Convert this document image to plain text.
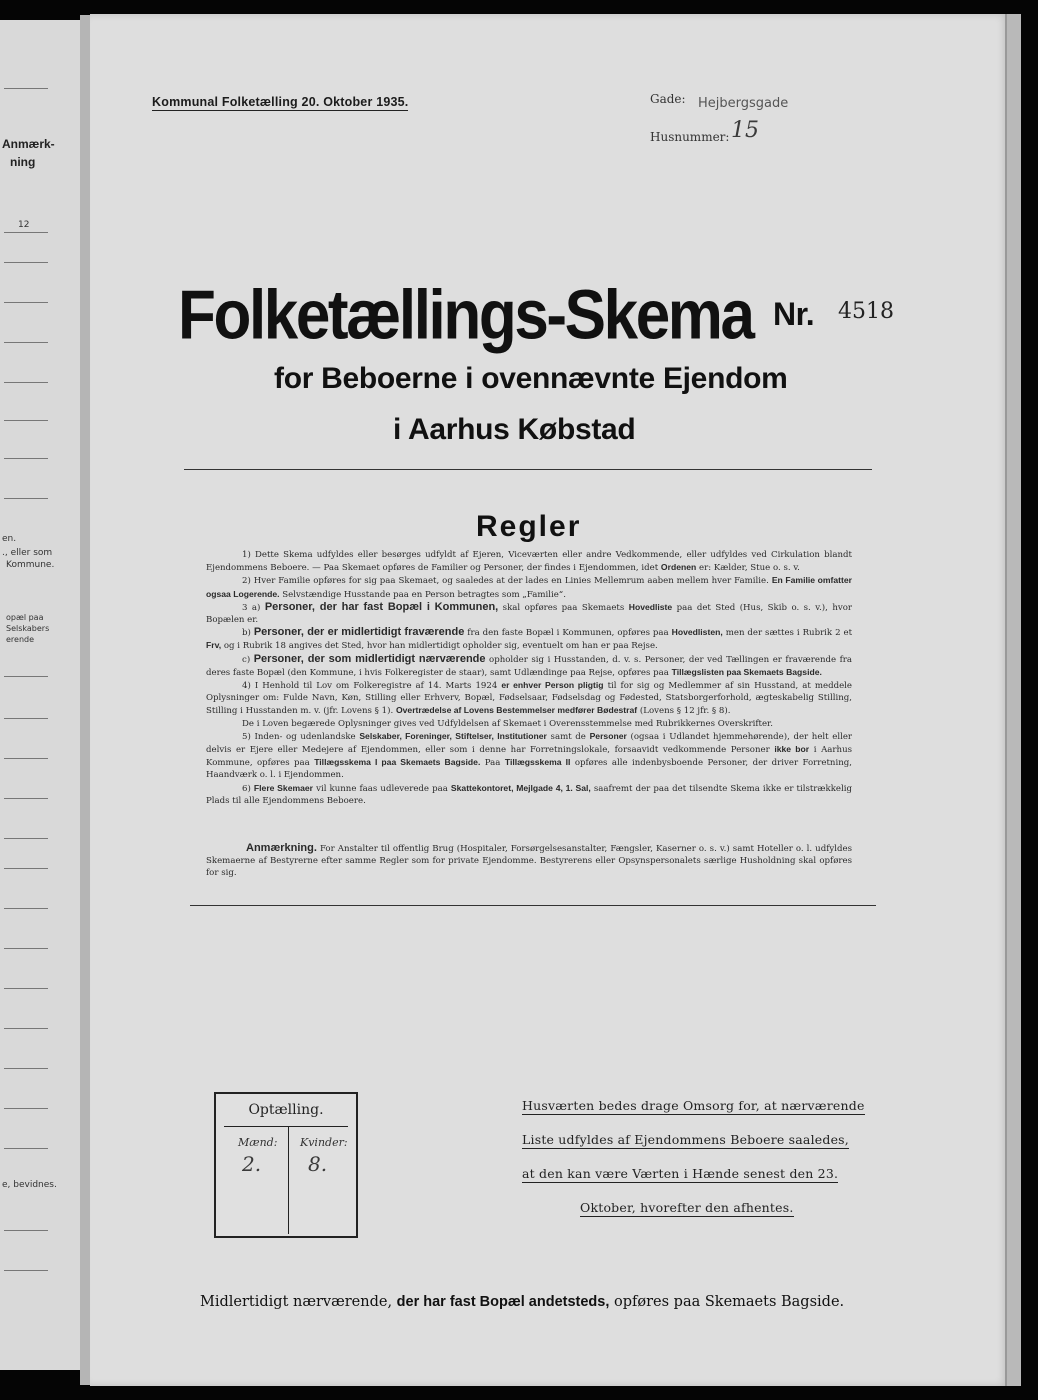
Anmærk-
ning
12
en.
., eller som
Kommune.
opæl paa
Selskabers
erende
e, bevidnes.
Kommunal Folketælling 20. Oktober 1935.	Gade: Hejbergsgade
Husnummer: 15
Folketællings-Skema Nr. 4518
for Beboerne i ovennævnte Ejendom
i Aarhus Købstad
Regler

1) Dette Skema udfyldes eller besørges udfyldt af Ejeren, Viceværten eller andre Vedkommende, eller udfyldes ved Cirkulation blandt Ejendommens Beboere. — Paa Skemaet opføres de Familier og Personer, der findes i Ejendommen, idet Ordenen er: Kælder, Stue o. s. v.

2) Hver Familie opføres for sig paa Skemaet, og saaledes at der lades en Linies Mellemrum aaben mellem hver Familie. En Familie omfatter ogsaa Logerende. Selvstændige Husstande paa en Person betragtes som „Familie“.

3 a) Personer, der har fast Bopæl i Kommunen, skal opføres paa Skemaets Hovedliste paa det Sted (Hus, Skib o. s. v.), hvor Bopælen er.

b) Personer, der er midlertidigt fraværende fra den faste Bopæl i Kommunen, opføres paa Hovedlisten, men der sættes i Rubrik 2 et Frv, og i Rubrik 18 angives det Sted, hvor han midlertidigt opholder sig, eventuelt om han er paa Rejse.

c) Personer, der som midlertidigt nærværende opholder sig i Husstanden, d. v. s. Personer, der ved Tællingen er fraværende fra deres faste Bopæl (den Kommune, i hvis Folkeregister de staar), samt Udlændinge paa Rejse, opføres paa Tillægslisten paa Skemaets Bagside.

4) I Henhold til Lov om Folkeregistre af 14. Marts 1924 er enhver Person pligtig til for sig og Medlemmer af sin Husstand, at meddele Oplysninger om: Fulde Navn, Køn, Stilling eller Erhverv, Bopæl, Fødselsaar, Fødselsdag og Fødested, Statsborgerforhold, ægteskabelig Stilling, Stilling i Husstanden m. v. (jfr. Lovens § 1). Overtrædelse af Lovens Bestemmelser medfører Bødestraf (Lovens § 12 jfr. § 8).

De i Loven begærede Oplysninger gives ved Udfyldelsen af Skemaet i Overensstemmelse med Rubrikkernes Overskrifter.

5) Inden- og udenlandske Selskaber, Foreninger, Stiftelser, Institutioner samt de Personer (ogsaa i Udlandet hjemmehørende), der helt eller delvis er Ejere eller Medejere af Ejendommen, eller som i denne har Forretningslokale, forsaavidt vedkommende Personer ikke bor i Aarhus Kommune, opføres paa Tillægsskema I paa Skemaets Bagside. Paa Tillægsskema II opføres alle indenbysboende Personer, der driver Forretning, Haandværk o. l. i Ejendommen.

6) Flere Skemaer vil kunne faas udleverede paa Skattekontoret, Mejlgade 4, 1. Sal, saafremt der paa det tilsendte Skema ikke er tilstrækkelig Plads til alle Ejendommens Beboere.

Anmærkning. For Anstalter til offentlig Brug (Hospitaler, Forsørgelsesanstalter, Fængsler, Kaserner o. s. v.) samt Hoteller o. l. udfyldes Skemaerne af Bestyrerne efter samme Regler som for private Ejendomme. Bestyrerens eller Opsynspersonalets særlige Husholdning skal opføres for sig.
Optælling.
Mænd: Kvinder:
2. 8.
Husværten bedes drage Omsorg for, at nærværende
Liste udfyldes af Ejendommens Beboere saaledes,
at den kan være Værten i Hænde senest den 23.
Oktober, hvorefter den afhentes.
Midlertidigt nærværende, der har fast Bopæl andetsteds, opføres paa Skemaets Bagside.
